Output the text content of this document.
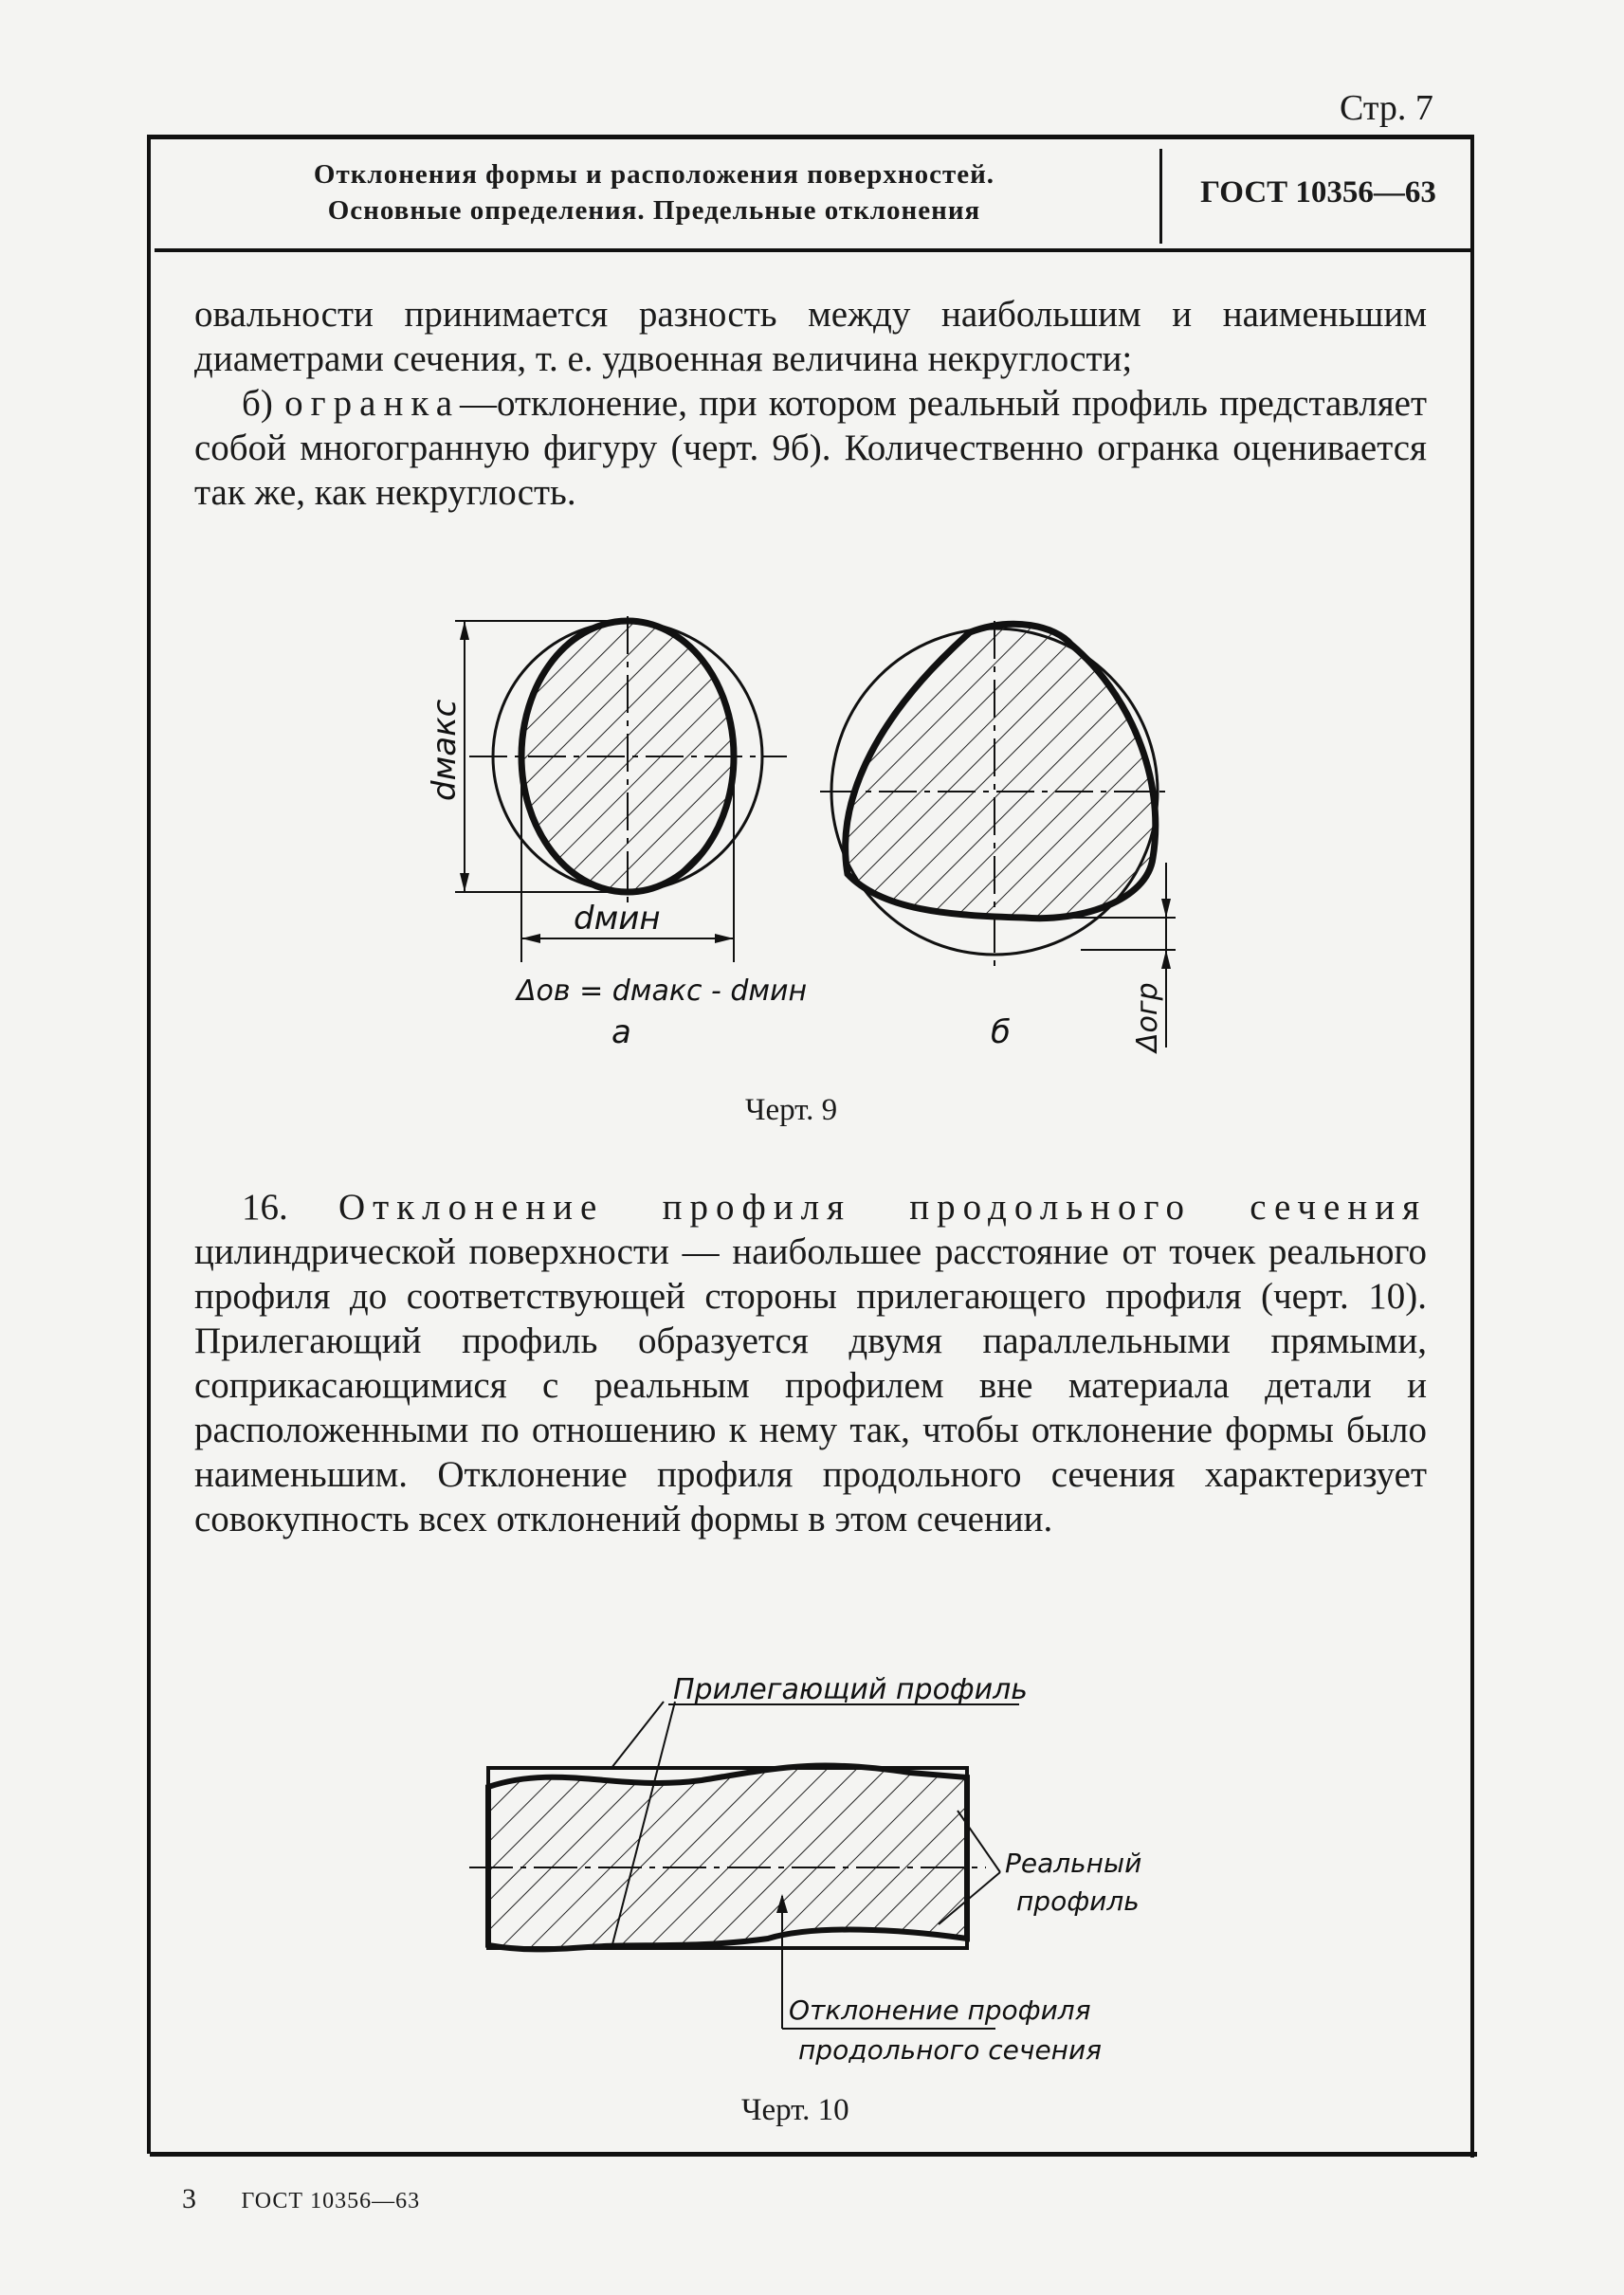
Стр. 7
Отклонения формы и расположения поверхностей.
Основные определения. Предельные отклонения
ГОСТ 10356—63

овальности принимается разность между наибольшим и наименьшим диаметрами сечения, т. е. удвоенная величина некруглости;

б) огранка—отклонение, при котором реальный профиль представляет собой многогранную фигуру (черт. 9б). Количественно огранка оценивается так же, как некруглость.

dмакс
dмин
Δов = dмакс - dмин
а	Δогр
б
Черт. 9

16. Отклонение профиля продольного сечения цилиндрической поверхности — наибольшее расстояние от точек реального профиля до соответствующей стороны прилегающего профиля (черт. 10). Прилегающий профиль образуется двумя параллельными прямыми, соприкасающимися с реальным профилем вне материала детали и расположенными по отношению к нему так, чтобы отклонение формы было наименьшим. Отклонение профиля продольного сечения характеризует совокупность всех отклонений формы в этом сечении.

Прилегающий профиль
Реальный
профиль
Отклонение профиля
продольного сечения
Черт. 10
3 ГОСТ 10356—63
